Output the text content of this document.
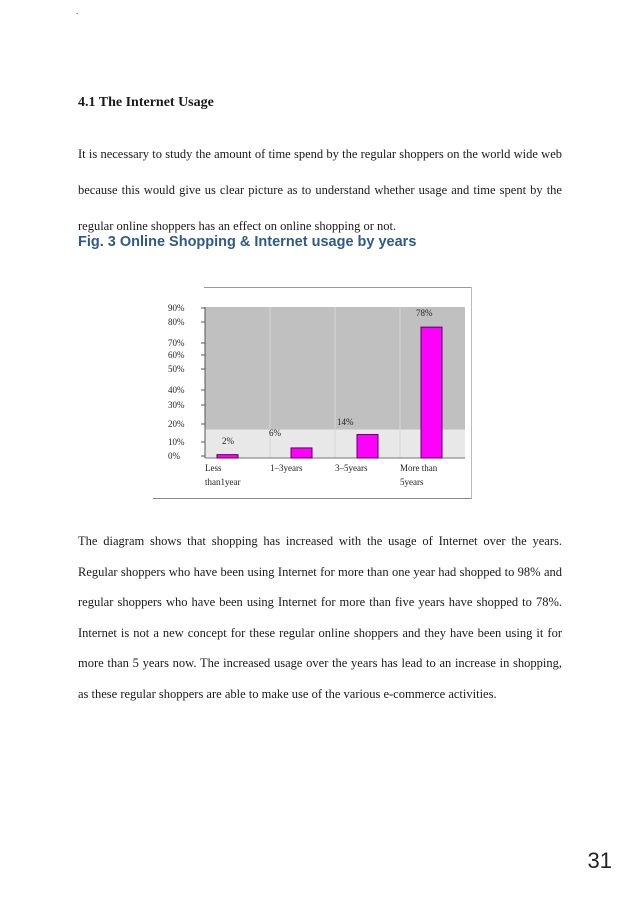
.
4.1 The Internet Usage

It is necessary to study the amount of time spend by the regular shoppers on the world wide web because this would give us clear picture as to understand whether usage and time spent by the regular online shoppers has an effect on online shopping or not.

Fig. 3 Online Shopping & Internet usage by years
90%
80%
70%
60%
50%
40%
30%
20%
10%
0%
2%
6%
14%
78%
Less
than1year
1–3years	3–5years	More than
5years

The diagram shows that shopping has increased with the usage of Internet over the years. Regular shoppers who have been using Internet for more than one year had shopped to 98% and regular shoppers who have been using Internet for more than five years have shopped to 78%. Internet is not a new concept for these regular online shoppers and they have been using it for more than 5 years now. The increased usage over the years has lead to an increase in shopping, as these regular shoppers are able to make use of the various e-commerce activities.

31
